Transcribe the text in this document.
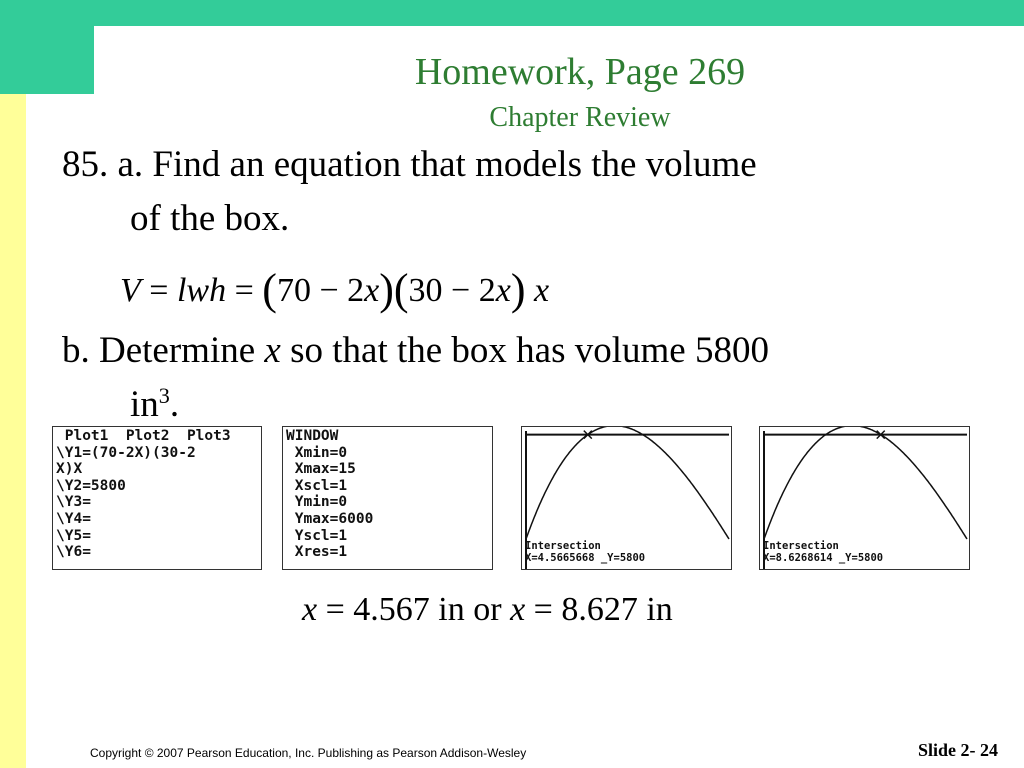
Homework, Page 269
Chapter Review
85. a. Find an equation that models the volume
of the box.
V = lwh = (70 − 2x)(30 − 2x) x
b. Determine x so that the box has volume 5800
$in^3$.
Plot1  Plot2  Plot3
\Y1=(70-2X)(30-2
X)X
\Y2=5800
\Y3=
\Y4=
\Y5=
\Y6=
WINDOW
Xmin=0
Xmax=15
Xscl=1
Ymin=0
Ymax=6000
Yscl=1
Xres=1	Intersection
X=4.5665668 _Y=5800
Intersection
X=8.6268614 _Y=5800
x = 4.567 in or x = 8.627 in
Copyright © 2007 Pearson Education, Inc. Publishing as Pearson Addison-Wesley	Slide 2- 24
